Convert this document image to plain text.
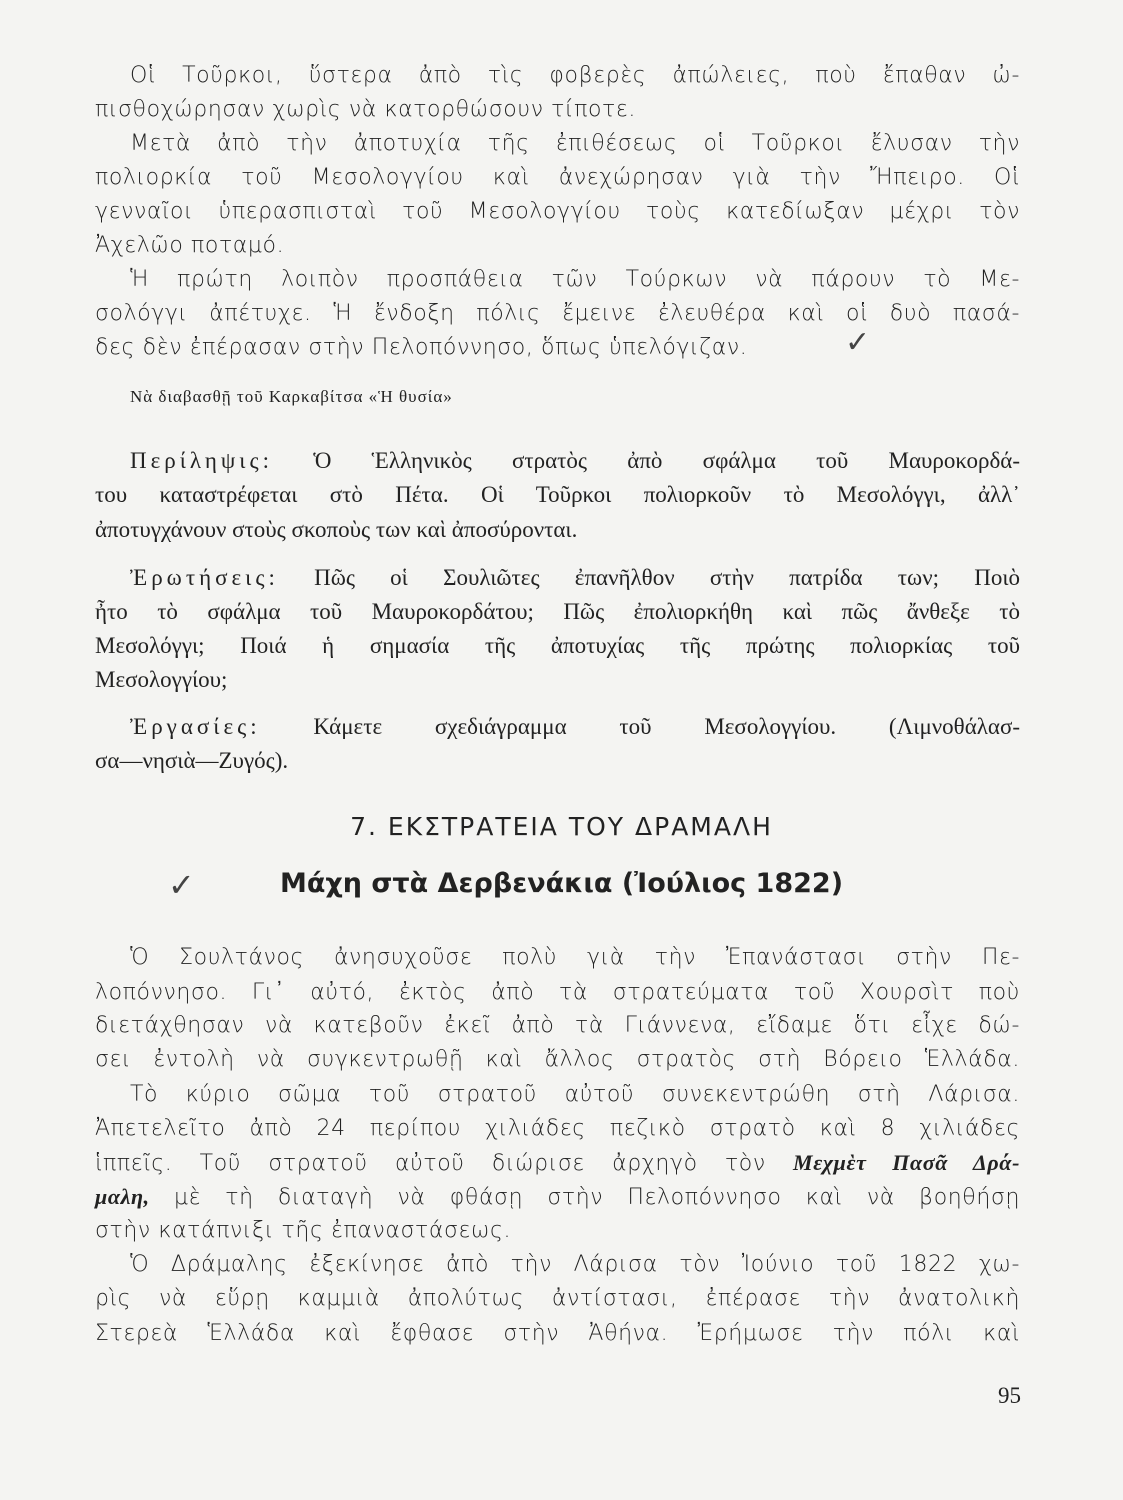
Οἱ Τοῦρκοι, ὕστερα ἀπὸ τὶς φοβερὲς ἀπώλειες, ποὺ ἔπαθαν ὠ-
πισθοχώρησαν χωρὶς νὰ κατορθώσουν τίποτε.
Μετὰ ἀπὸ τὴν ἀποτυχία τῆς ἐπιθέσεως οἱ Τοῦρκοι ἔλυσαν τὴν
πολιορκία τοῦ Μεσολογγίου καὶ ἀνεχώρησαν γιὰ τὴν Ἤπειρο. Οἱ
γενναῖοι ὑπερασπισταὶ τοῦ Μεσολογγίου τοὺς κατεδίωξαν μέχρι τὸν
Ἀχελῶο ποταμό.
Ἡ πρώτη λοιπὸν προσπάθεια τῶν Τούρκων νὰ πάρουν τὸ Με-
σολόγγι ἀπέτυχε. Ἡ ἔνδοξη πόλις ἔμεινε ἐλευθέρα καὶ οἱ δυὸ πασά-
δες δὲν ἐπέρασαν στὴν Πελοπόννησο, ὅπως ὑπελόγιζαν.	✓
Νὰ διαβασθῇ τοῦ Καρκαβίτσα «Ἡ θυσία»
Περίληψις: Ὁ Ἑλληνικὸς στρατὸς ἀπὸ σφάλμα τοῦ Μαυροκορδά-
του καταστρέφεται στὸ Πέτα. Οἱ Τοῦρκοι πολιορκοῦν τὸ Μεσολόγγι, ἀλλ᾽
ἀποτυγχάνουν στοὺς σκοποὺς των καὶ ἀποσύρονται.
Ἐρωτήσεις: Πῶς οἱ Σουλιῶτες ἐπανῆλθον στὴν πατρίδα των; Ποιὸ
ἦτο τὸ σφάλμα τοῦ Μαυροκορδάτου; Πῶς ἐπολιορκήθη καὶ πῶς ἄνθεξε τὸ
Μεσολόγγι; Ποιά ἡ σημασία τῆς ἀποτυχίας τῆς πρώτης πολιορκίας τοῦ
Μεσολογγίου;
Ἐργασίες: Κάμετε σχεδιάγραμμα τοῦ Μεσολογγίου. (Λιμνοθάλασ-
σα—νησιὰ—Ζυγός).
7. ΕΚΣΤΡΑΤΕΙΑ ΤΟΥ ΔΡΑΜΑΛΗ
✓	Μάχη στὰ Δερβενάκια (Ἰούλιος 1822)
Ὁ Σουλτάνος ἀνησυχοῦσε πολὺ γιὰ τὴν Ἐπανάστασι στὴν Πε-
λοπόννησο. Γι᾽ αὐτό, ἐκτὸς ἀπὸ τὰ στρατεύματα τοῦ Χουρσὶτ ποὺ
διετάχθησαν νὰ κατεβοῦν ἐκεῖ ἀπὸ τὰ Γιάννενα, εἴδαμε ὅτι εἶχε δώ-
σει ἐντολὴ νὰ συγκεντρωθῇ καὶ ἄλλος στρατὸς στὴ Βόρειο Ἑλλάδα.
Τὸ κύριο σῶμα τοῦ στρατοῦ αὐτοῦ συνεκεντρώθη στὴ Λάρισα.
Ἀπετελεῖτο ἀπὸ 24 περίπου χιλιάδες πεζικὸ στρατὸ καὶ 8 χιλιάδες
ἱππεῖς. Τοῦ στρατοῦ αὐτοῦ διώρισε ἀρχηγὸ τὸν Μεχμὲτ Πασᾶ Δρά-
μαλη, μὲ τὴ διαταγὴ νὰ φθάσῃ στὴν Πελοπόννησο καὶ νὰ βοηθήσῃ
στὴν κατάπνιξι τῆς ἐπαναστάσεως.
Ὁ Δράμαλης ἐξεκίνησε ἀπὸ τὴν Λάρισα τὸν Ἰούνιο τοῦ 1822 χω-
ρὶς νὰ εὕρῃ καμμιὰ ἀπολύτως ἀντίστασι, ἐπέρασε τὴν ἀνατολικὴ
Στερεὰ Ἑλλάδα καὶ ἔφθασε στὴν Ἀθήνα. Ἐρήμωσε τὴν πόλι καὶ
95
